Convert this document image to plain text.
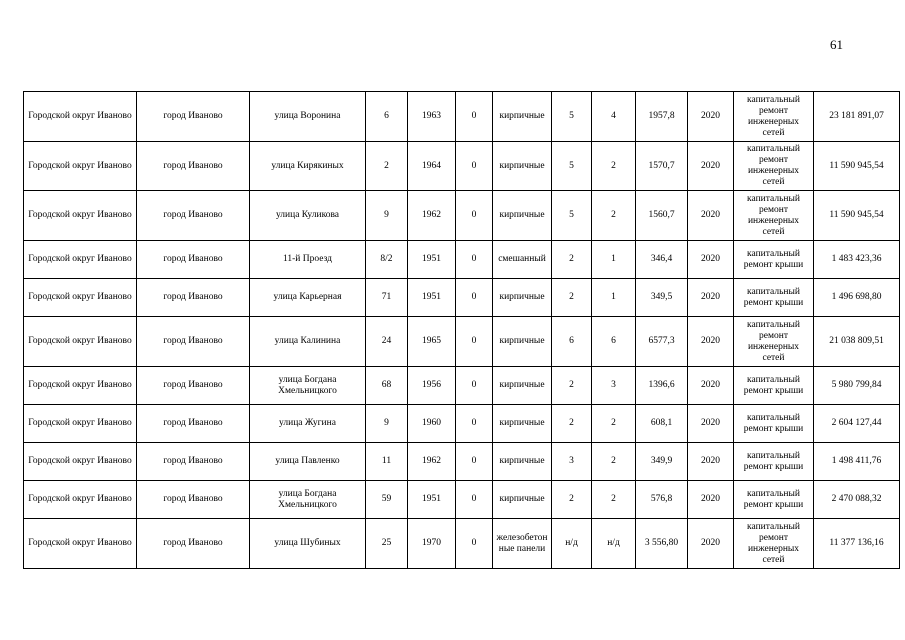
61
Городской округ Иваново	город Иваново	улица Воронина	6	1963	0	кирпичные	5	4	1957,8	2020	капитальный ремонт инженерных сетей	23 181 891,07
Городской округ Иваново	город Иваново	улица Кирякиных	2	1964	0	кирпичные	5	2	1570,7	2020	капитальный ремонт инженерных сетей	11 590 945,54
Городской округ Иваново	город Иваново	улица Куликова	9	1962	0	кирпичные	5	2	1560,7	2020	капитальный ремонт инженерных сетей	11 590 945,54
Городской округ Иваново	город Иваново	11-й Проезд	8/2	1951	0	смешанный	2	1	346,4	2020	капитальный ремонт крыши	1 483 423,36
Городской округ Иваново	город Иваново	улица Карьерная	71	1951	0	кирпичные	2	1	349,5	2020	капитальный ремонт крыши	1 496 698,80
Городской округ Иваново	город Иваново	улица Калинина	24	1965	0	кирпичные	6	6	6577,3	2020	капитальный ремонт инженерных сетей	21 038 809,51
Городской округ Иваново	город Иваново	улица Богдана Хмельницкого	68	1956	0	кирпичные	2	3	1396,6	2020	капитальный ремонт крыши	5 980 799,84
Городской округ Иваново	город Иваново	улица Жугина	9	1960	0	кирпичные	2	2	608,1	2020	капитальный ремонт крыши	2 604 127,44
Городской округ Иваново	город Иваново	улица Павленко	11	1962	0	кирпичные	3	2	349,9	2020	капитальный ремонт крыши	1 498 411,76
Городской округ Иваново	город Иваново	улица Богдана Хмельницкого	59	1951	0	кирпичные	2	2	576,8	2020	капитальный ремонт крыши	2 470 088,32
Городской округ Иваново	город Иваново	улица Шубиных	25	1970	0	железобетонные панели	н/д	н/д	3 556,80	2020	капитальный ремонт инженерных сетей	11 377 136,16
